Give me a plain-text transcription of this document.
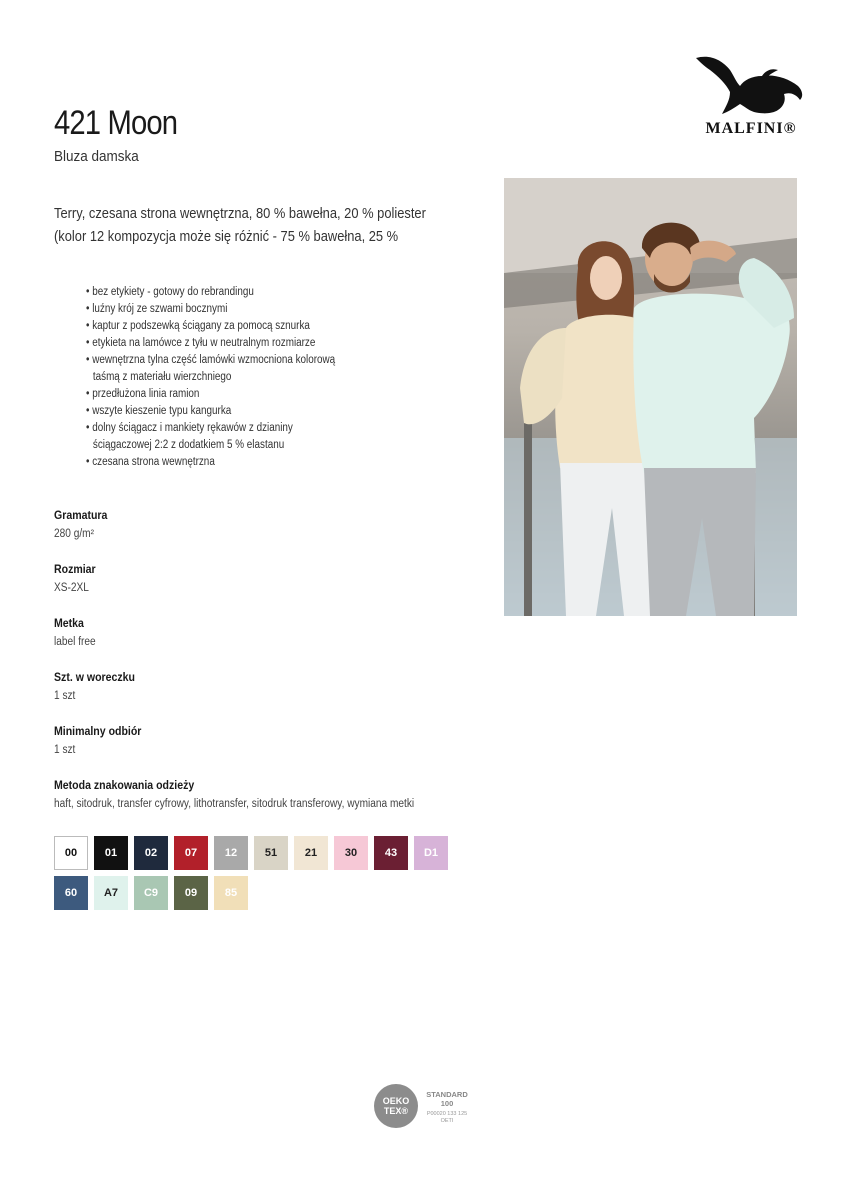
421 Moon
Bluza damska
MALFINI®
Terry, czesana strona wewnętrzna, 80 % bawełna, 20 % poliester
(kolor 12 kompozycja może się różnić - 75 % bawełna, 25 %
• bez etykiety - gotowy do rebrandingu
• luźny krój ze szwami bocznymi
• kaptur z podszewką ściągany za pomocą sznurka
• etykieta na lamówce z tyłu w neutralnym rozmiarze
• wewnętrzna tylna część lamówki wzmocniona kolorową taśmą z materiału wierzchniego
• przedłużona linia ramion
• wszyte kieszenie typu kangurka
• dolny ściągacz i mankiety rękawów z dzianiny ściągaczowej 2:2 z dodatkiem 5 % elastanu
• czesana strona wewnętrzna
Gramatura
280 g/m²
Rozmiar
XS-2XL
Metka
label free
Szt. w woreczku
1 szt
Minimalny odbiór
1 szt
Metoda znakowania odzieży
haft, sitodruk, transfer cyfrowy, lithotransfer, sitodruk transferowy, wymiana metki
00	01	02	07	12	51	21	30	43	D1
60	A7	C9	09	85
OEKO
TEX®
STANDARD
100
P00020 133 125
OETI
